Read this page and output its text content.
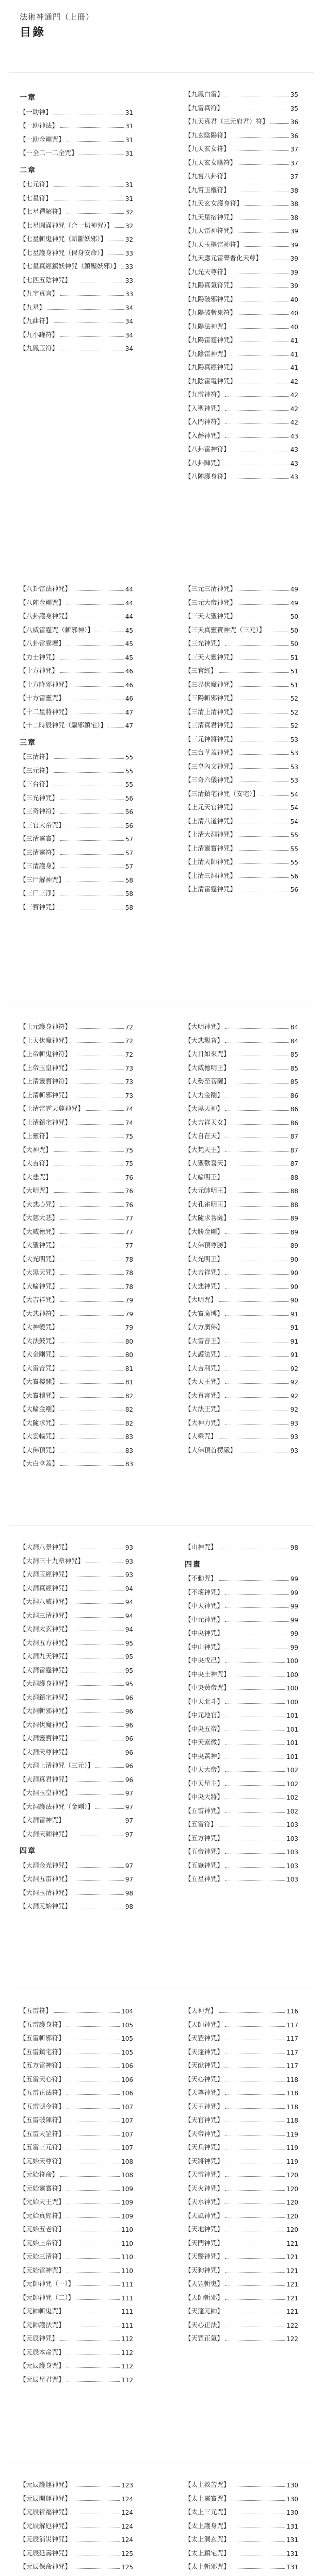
法術神通門（上冊）
目錄
一章
【一助神】	31
【一助神法】	31
【一助金剛咒】	31
【一全二一二全咒】	31
二章
【七元符】	31
【七星符】	31
【七星禪解符】	32
【七星圓滿神咒（合一切神咒）】 32
【七星斬鬼神咒（斬斷妖邪）】	32
【七星護身神咒（保身安命）】	33
【七星真經鎮妖神咒（鎮壓妖邪）】 33
【七匹五陰神咒】	33
【九字真言】	33
【九星】	34
【九曲符】	34
【九小罐符】	34
【九鳳玉符】	34
【九鳳白雷】	35
【九雷真符】	35
【九天真君（三元府君）符】	36
【九玄陰陽符】	36
【九天玄女符】	37
【九天玄女陰符】	37
【九宮八卦符】	37
【九霄玉樞符】	38
【九天玄女護身符】	38
【九天星宿神咒】	38
【九天雷神符咒】	39
【九天玉樞雷神符】	39
【九天應元雷聲普化天尊】	39
【九光天尊符】	39
【九陽真氣符咒】	39
【九陽破邪神咒】	40
【九陽破斬鬼符】	40
【九陽法神咒】	40
【九陽雷霆神咒】	41
【九陰雷神咒】	41
【九陽真經神咒】	41
【九陰雷電神咒】	42
【九雷神符】	42
【入聖神咒】	42
【入門神符】	42
【入靜神咒】	43
【八卦雷神符】	43
【八卦陣咒】	43
【八陣護身符】	43
【八卦雷法神咒】	44
【八陣金剛咒】	44
【八卦護身神咒】	44
【八威雷霆咒（斬邪神）】	45
【八卦雷霆壇】	45
【力士神咒】	45
【十方神咒】	46
【十方降邪神咒】	46
【十方雷靈咒】	46
【十二星將神咒】	47
【十二時辰神咒（驅邪鎮宅）】	47
三章
【三清符】	55
【三元符】	55
【三台符】	55
【三光神咒】	56
【三奇神符】	56
【三官大帝咒】	56
【三清靈寶】	57
【三清靈符】	57
【三清護身】	57
【三尸解神咒】	58
【三尸三淨】	58
【三寶神咒】	58
【三元三清神咒】	49
【三元大帝神咒】	49
【三天大聖神咒】	50
【三天真靈寶神咒（三元）】	50
【三光神咒】	50
【三天大靈神咒】	51
【三官經】	51
【三界伏魔神咒】	51
【三陽斬邪神咒】	52
【三清上清神咒】	52
【三清真君神咒】	52
【三元神將神咒】	53
【三台華蓋神咒】	53
【三皇內文神咒】	53
【三奇六儀神咒】	53
【三清鎮宅神咒（安宅）】	54
【上元天官神咒】	54
【上清八道神咒】	54
【上清大洞神咒】	55
【上清靈寶神咒】	55
【上清天師神咒】	55
【上清三洞神咒】	56
【上清雷霆神咒】	56
【上元護身神符】	72
【上天伏魔神咒】	72
【上帝斬鬼神符】	72
【上帝玉皇神咒】	73
【上清靈寶神符】	73
【上清斬邪神咒】	73
【上清雷霆天尊神咒】	74
【上清鎮宅神咒】	74
【上靈符】	75
【大神咒】	75
【大吉符】	75
【大悲咒】	76
【大明咒】	76
【大悲心咒】	76
【大慈大悲】	77
【大威德咒】	77
【大聖神咒】	77
【大光明咒】	78
【大黑天咒】	78
【大輪神咒】	78
【大吉祥咒】	79
【大悲神符】	79
【大神變咒】	79
【大法鼓咒】	80
【大金剛咒】	80
【大雷音咒】	81
【大寶樓閣】	81
【大寶積咒】	82
【大輪金剛】	82
【大隨求咒】	82
【大雲輪咒】	83
【大佛頂咒】	83
【大白傘蓋】	83
【大明神咒】	84
【大悲觀音】	84
【大日如來咒】	85
【大威德明王】	85
【大勢至菩薩】	85
【大力金剛】	86
【大黑天神】	86
【大吉祥天女】	86
【大自在天】	87
【大梵天王】	87
【大聖歡喜天】	87
【大輪明王】	88
【大元帥明王】	88
【大孔雀明王】	88
【大隨求菩薩】	89
【大勝金剛】	89
【大佛頂尊勝】	89
【大光明王】	90
【大吉祥咒】	90
【大悲神咒】	90
【大明咒】	90
【大寶廣博】	91
【大方廣佛】	91
【大雷音王】	91
【大護法咒】	91
【大吉利咒】	92
【大天王咒】	92
【大真言咒】	92
【大法王咒】	92
【大神力咒】	93
【大乘咒】	93
【大佛頂首楞嚴】	93
【大洞八景神咒】	93
【大洞三十九章神咒】	93
【大洞玉經神咒】	93
【大洞真經神咒】	94
【大洞八威神咒】	94
【大洞三清神咒】	94
【大洞太玄神咒】	94
【大洞五方神咒】	95
【大洞九天神咒】	95
【大洞雷霆神咒】	95
【大洞護身神咒】	95
【大洞鎮宅神咒】	96
【大洞斬邪神咒】	96
【大洞伏魔神咒】	96
【大洞靈寶神咒】	96
【大洞天尊神咒】	96
【大洞上清神咒（三元）】	96
【大洞真君神咒】	96
【大洞玉皇神咒】	97
【大洞護法神咒（金剛）】	97
【大洞雷神咒】	97
【大洞天師神咒】	97
四章
【大洞金光神咒】	97
【大洞五雷神咒】	97
【大洞玉清神咒】	98
【大洞元始神咒】	98
【山神咒】	98
四畫
【不動咒】	99
【不壞神咒】	99
【中天神咒】	99
【中元神咒】	99
【中央神咒】	99
【中山神咒】	99
【中央戊己】	100
【中央土神咒】	100
【中央黃帝咒】	100
【中天北斗】	100
【中元地官】	101
【中央五帝】	101
【中天紫微】	101
【中央黃神】	101
【中天大帝】	102
【中天星主】	102
【中央大將】	102
【五雷神咒】	102
【五雷符】	103
【五方神咒】	103
【五帝神咒】	103
【五嶽神咒】	103
【五星神咒】	103
【五雷符】	104
【五雷護身符】	105
【五雷斬邪符】	105
【五雷鎮宅符】	105
【五方雷神符】	106
【五雷天心符】	106
【五雷正法符】	106
【五雷號令符】	107
【五雷破陣符】	107
【五雷天罡符】	107
【五雷三元符】	107
【元始天尊符】	108
【元始符命】	108
【元始靈寶符】	109
【元始天王咒】	109
【元始真經符】	109
【元始五老符】	110
【元始上帝符】	110
【元始三清符】	110
【元始雷神咒】	110
【元帥神咒（一）】	111
【元帥神咒（二）】	111
【元帥斬鬼咒】	111
【元帥護法咒】	111
【元辰神咒】	112
【元辰本命咒】	112
【元辰護身咒】	112
【元辰星君咒】	112
【天神咒】	116
【天師神咒】	117
【天罡神咒】	117
【天蓬神咒】	117
【天猷神咒】	117
【天心神咒】	118
【天尊神咒】	118
【天王神咒】	118
【天官神咒】	118
【天帝神咒】	119
【天兵神咒】	119
【天將神咒】	119
【天雷神咒】	120
【天火神咒】	120
【天水神咒】	120
【天風神咒】	120
【天地神咒】	120
【天門神咒】	121
【天醫神咒】	121
【天狗神咒】	121
【天罡斬鬼】	121
【天師斬邪】	121
【天蓬元帥】	121
【天心正法】	122
【天罡正氣】	122
【元辰護運神咒】	123
【元辰開運神咒】	124
【元辰祈福神咒】	124
【元辰解厄神咒】	124
【元辰消災神咒】	124
【元辰延壽神咒】	125
【元辰保命神咒】	125
【太上救苦咒】	130
【太上靈寶咒】	130
【太上三元咒】	130
【太上護身咒】	131
【太上洞玄咒】	131
【太上鎮宅咒】	131
【太上斬邪咒】	131
